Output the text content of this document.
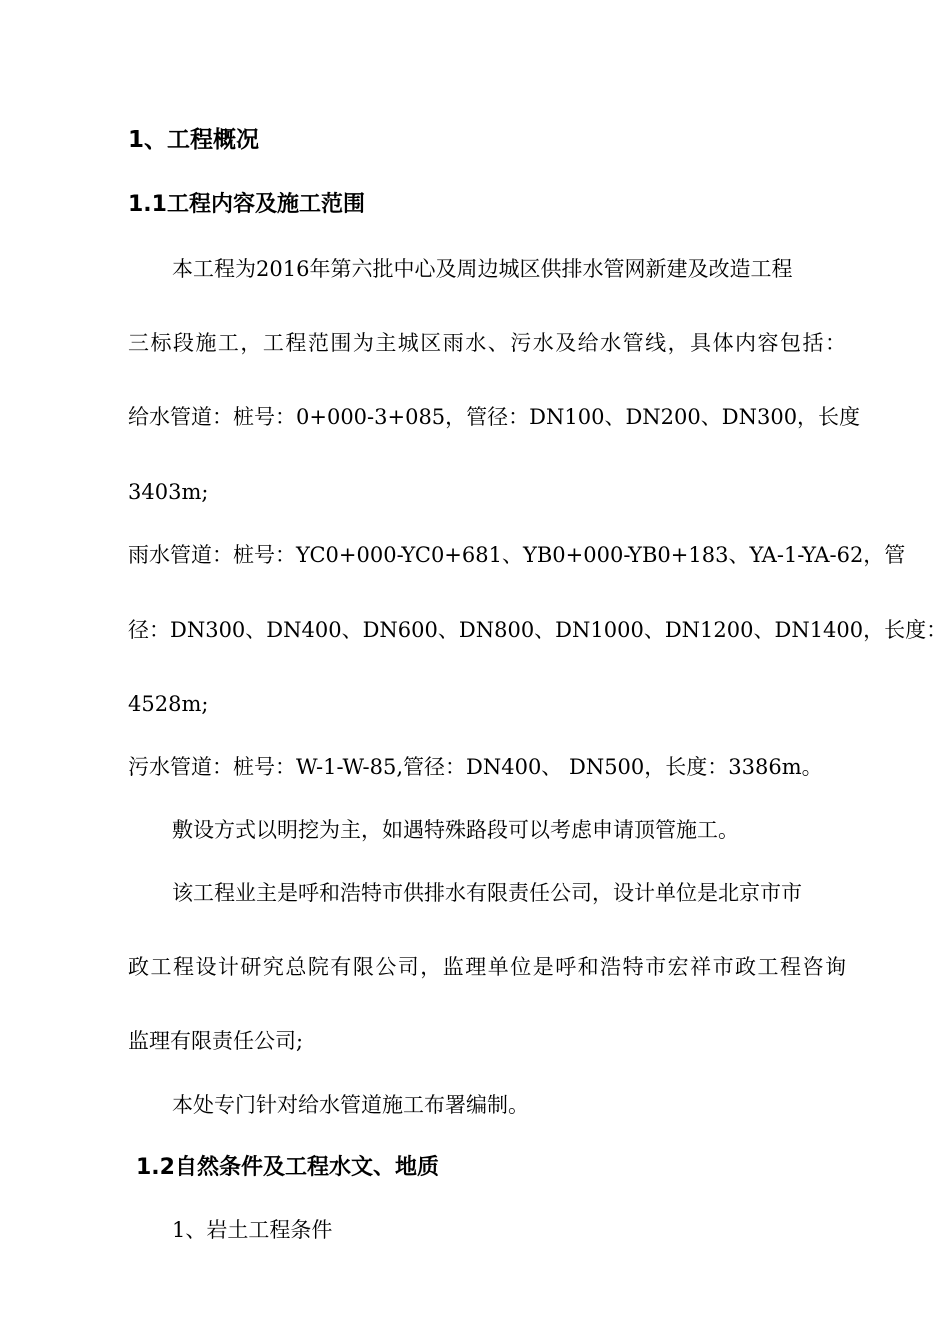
1、工程概况
1.1工程内容及施工范围
本工程为2016年第六批中心及周边城区供排水管网新建及改造工程
三标段施工，工程范围为主城区雨水、污水及给水管线，具体内容包括：
给水管道：桩号：0+000-3+085，管径：DN100、DN200、DN300，长度
3403m;
雨水管道：桩号：YC0+000-YC0+681、YB0+000-YB0+183、YA-1-YA-62，管
径：DN300、DN400、DN600、DN800、DN1000、DN1200、DN1400，长度：
4528m;
污水管道：桩号：W-1-W-85,管径：DN400、 DN500，长度：3386m。
敷设方式以明挖为主，如遇特殊路段可以考虑申请顶管施工。
该工程业主是呼和浩特市供排水有限责任公司，设计单位是北京市市
政工程设计研究总院有限公司，监理单位是呼和浩特市宏祥市政工程咨询
监理有限责任公司;
本处专门针对给水管道施工布署编制。
1.2自然条件及工程水文、地质
1、岩土工程条件
